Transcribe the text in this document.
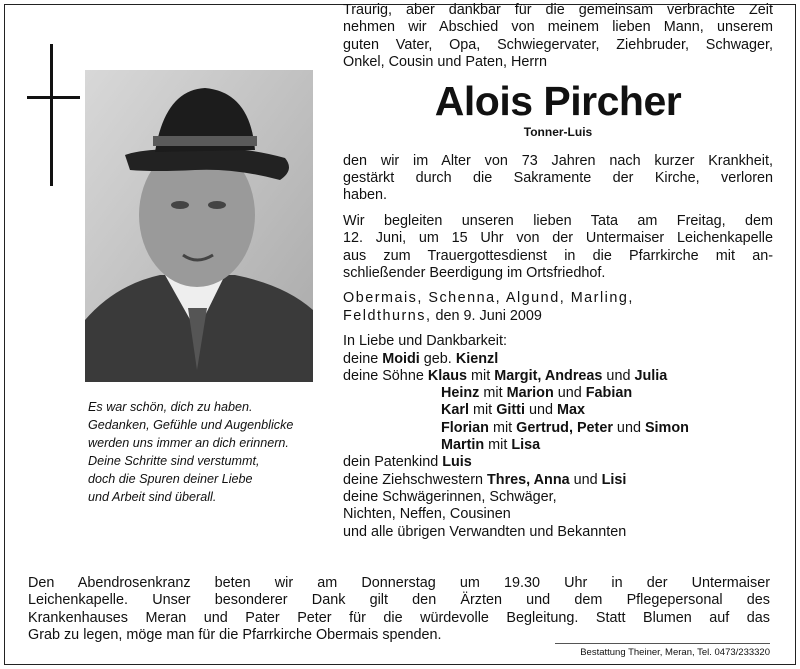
Es war schön, dich zu haben.
Gedanken, Gefühle und Augenblicke
werden uns immer an dich erinnern.
Deine Schritte sind verstummt,
doch die Spuren deiner Liebe
und Arbeit sind überall.
Traurig, aber dankbar für die gemeinsam verbrachte Zeit
nehmen wir Abschied von meinem lieben Mann, unserem
guten Vater, Opa, Schwiegervater, Ziehbruder, Schwager,
Onkel, Cousin und Paten, Herrn
Alois Pircher
Tonner-Luis
den wir im Alter von 73 Jahren nach kurzer Krankheit,
gestärkt durch die Sakramente der Kirche, verloren
haben.
Wir begleiten unseren lieben Tata am Freitag, dem
12. Juni, um 15 Uhr von der Untermaiser Leichenkapelle
aus zum Trauergottesdienst in die Pfarrkirche mit an-
schließender Beerdigung im Ortsfriedhof.
Obermais, Schenna, Algund, Marling,
Feldthurns, den 9. Juni 2009
In Liebe und Dankbarkeit:
deine Moidi geb. Kienzl
deine Söhne Klaus mit Margit, Andreas und Julia
Heinz mit Marion und Fabian
Karl mit Gitti und Max
Florian mit Gertrud, Peter und Simon
Martin mit Lisa
dein Patenkind Luis
deine Ziehschwestern Thres, Anna und Lisi
deine Schwägerinnen, Schwäger,
Nichten, Neffen, Cousinen
und alle übrigen Verwandten und Bekannten
Den Abendrosenkranz beten wir am Donnerstag um 19.30 Uhr in der Untermaiser
Leichenkapelle. Unser besonderer Dank gilt den Ärzten und dem Pflegepersonal des
Krankenhauses Meran und Pater Peter für die würdevolle Begleitung. Statt Blumen auf das
Grab zu legen, möge man für die Pfarrkirche Obermais spenden.
Bestattung Theiner, Meran, Tel. 0473/233320
